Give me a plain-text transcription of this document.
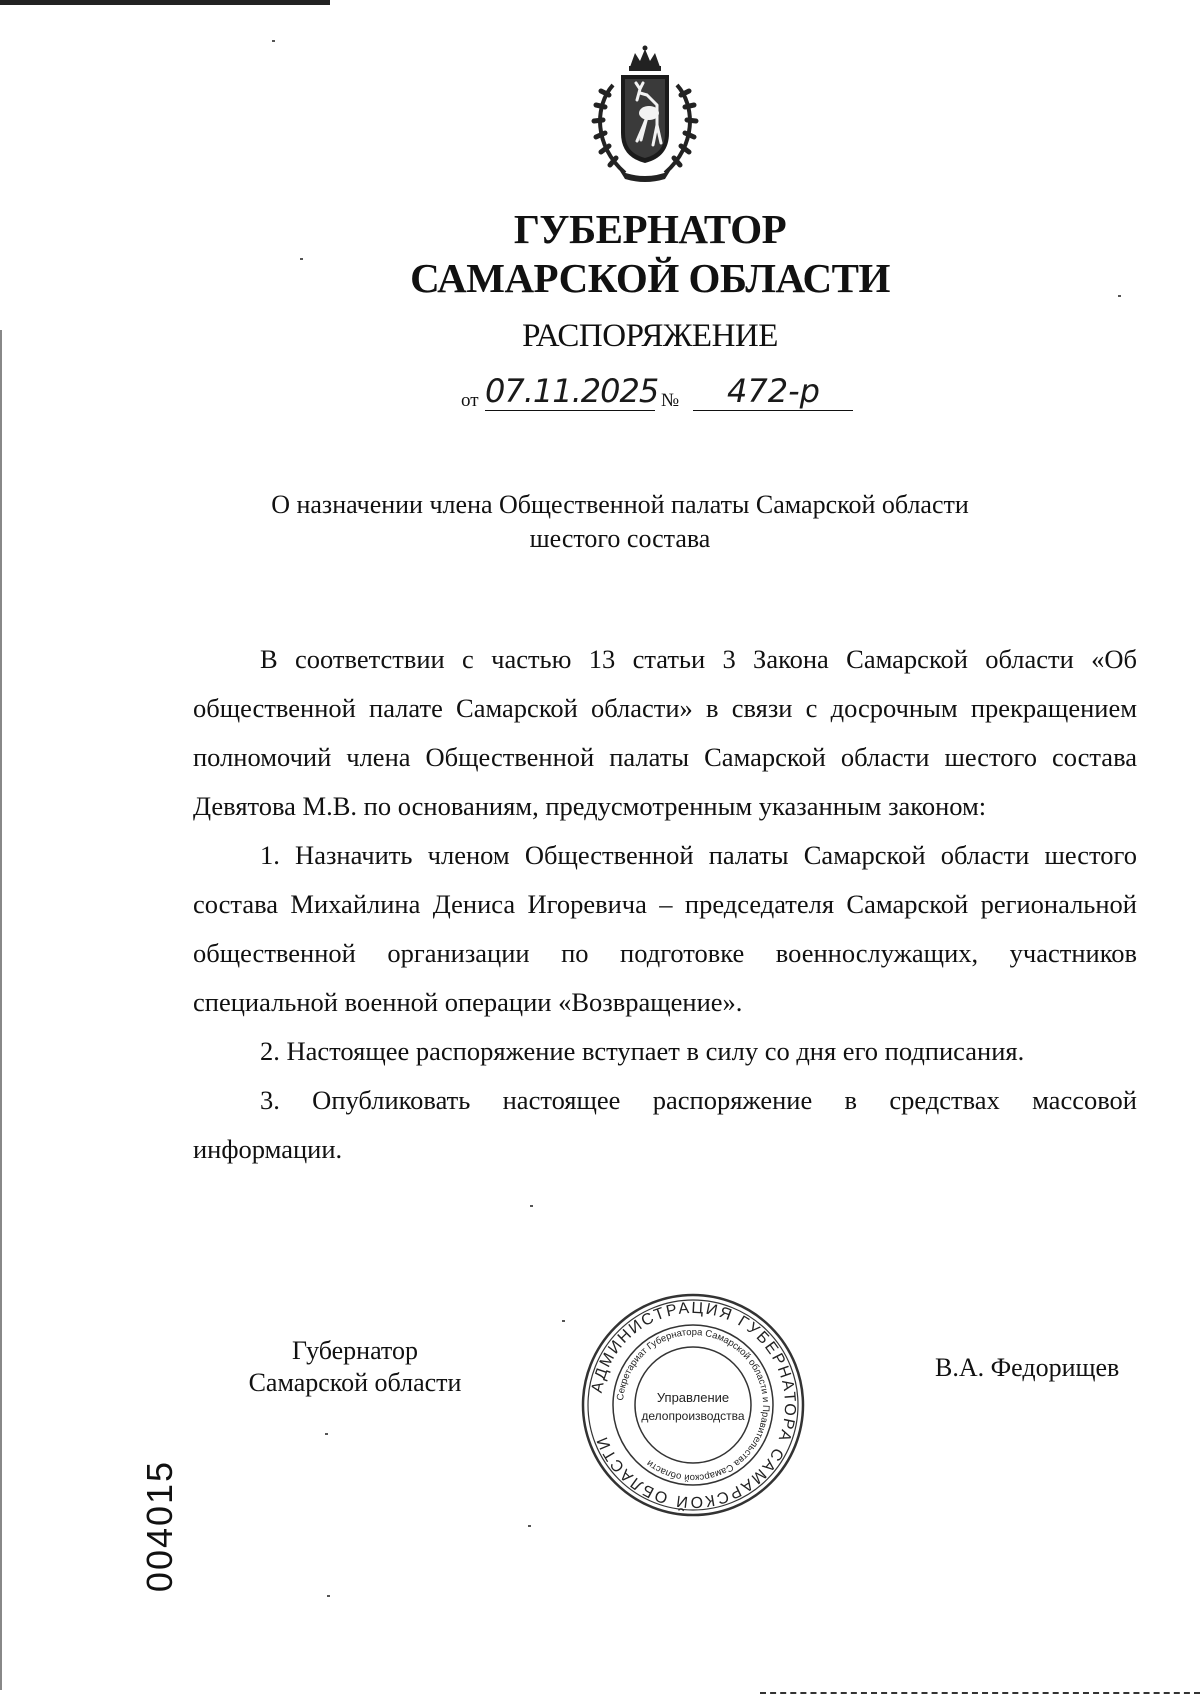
ГУБЕРНАТОР
САМАРСКОЙ ОБЛАСТИ
РАСПОРЯЖЕНИЕ
от 07.11.2025 №	472-р
О назначении члена Общественной палаты Самарской области
шестого состава

В соответствии с частью 13 статьи 3 Закона Самарской области «Об общественной палате Самарской области» в связи с досрочным прекращением полномочий члена Общественной палаты Самарской области шестого состава Девятова М.В. по основаниям, предусмотренным указанным законом:

1. Назначить членом Общественной палаты Самарской области шестого состава Михайлина Дениса Игоревича – председателя Самарской региональной общественной организации по подготовке военнослужащих, участников специальной военной операции «Возвращение».

2. Настоящее распоряжение вступает в силу со дня его подписания.

3. Опубликовать настоящее распоряжение в средствах массовой информации.

Губернатор
Самарской области	АДМИНИСТРАЦИЯ ГУБЕРНАТОРА САМАРСКОЙ ОБЛАСТИ
Секретариат Губернатора Самарской области и Правительства Самарской области
Управление
делопроизводства
В.А. Федорищев
004015
